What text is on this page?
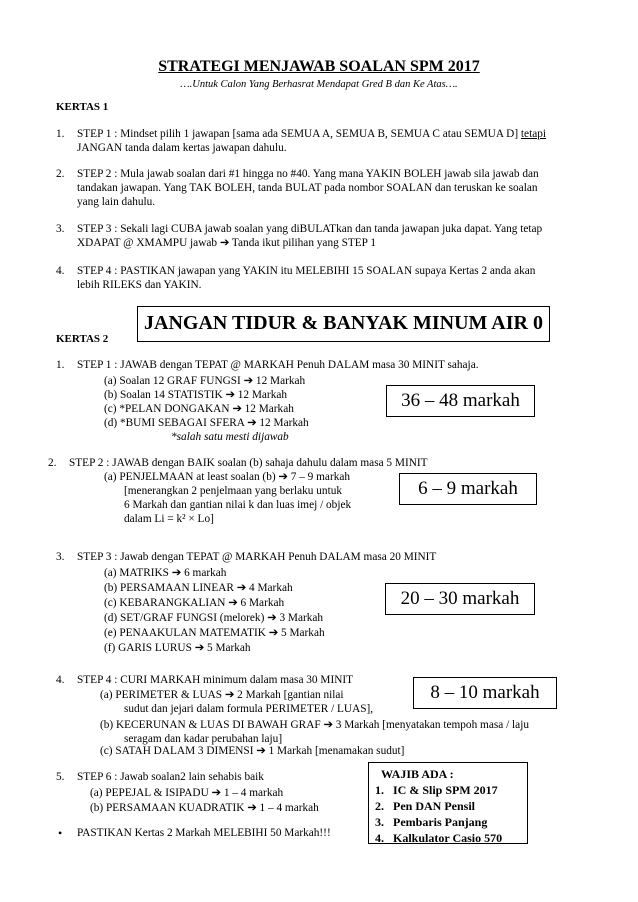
STRATEGI MENJAWAB SOALAN SPM 2017
….Untuk Calon Yang Berhasrat Mendapat Gred B dan Ke Atas….
KERTAS 1
1. STEP 1 : Mindset pilih 1 jawapan [sama ada SEMUA A, SEMUA B, SEMUA C atau SEMUA D] tetapi
JANGAN tanda dalam kertas jawapan dahulu.
2. STEP 2 : Mula jawab soalan dari #1 hingga no #40. Yang mana YAKIN BOLEH jawab sila jawab dan
tandakan jawapan. Yang TAK BOLEH, tanda BULAT pada nombor SOALAN dan teruskan ke soalan
yang lain dahulu.
3. STEP 3 : Sekali lagi CUBA jawab soalan yang diBULATkan dan tanda jawapan juka dapat. Yang tetap
XDAPAT @ XMAMPU jawab ➔ Tanda ikut pilihan yang STEP 1
4. STEP 4 : PASTIKAN jawapan yang YAKIN itu MELEBIHI 15 SOALAN supaya Kertas 2 anda akan
lebih RILEKS dan YAKIN.
JANGAN TIDUR & BANYAK MINUM AIR 0
KERTAS 2
1. STEP 1 : JAWAB dengan TEPAT @ MARKAH Penuh DALAM masa 30 MINIT sahaja.
(a) Soalan 12 GRAF FUNGSI ➔ 12 Markah
(b) Soalan 14 STATISTIK ➔ 12 Markah
(c) *PELAN DONGAKAN ➔ 12 Markah
(d) *BUMI SEBAGAI SFERA ➔ 12 Markah
*salah satu mesti dijawab
36 – 48 markah
2. STEP 2 : JAWAB dengan BAIK soalan (b) sahaja dahulu dalam masa 5 MINIT
(a) PENJELMAAN at least soalan (b) ➔ 7 – 9 markah
[menerangkan 2 penjelmaan yang berlaku untuk
6 Markah dan gantian nilai k dan luas imej / objek
dalam Li = k² × Lo]
6 – 9 markah
3. STEP 3 : Jawab dengan TEPAT @ MARKAH Penuh DALAM masa 20 MINIT
(a) MATRIKS ➔ 6 markah
(b) PERSAMAAN LINEAR ➔ 4 Markah
(c) KEBARANGKALIAN ➔ 6 Markah
(d) SET/GRAF FUNGSI (melorek) ➔ 3 Markah
(e) PENAAKULAN MATEMATIK ➔ 5 Markah
(f) GARIS LURUS ➔ 5 Markah
20 – 30 markah
4. STEP 4 : CURI MARKAH minimum dalam masa 30 MINIT
(a) PERIMETER & LUAS ➔ 2 Markah [gantian nilai
sudut dan jejari dalam formula PERIMETER / LUAS],
(b) KECERUNAN & LUAS DI BAWAH GRAF ➔ 3 Markah [menyatakan tempoh masa / laju
seragam dan kadar perubahan laju]
(c) SATAH DALAM 3 DIMENSI ➔ 1 Markah [menamakan sudut]
8 – 10 markah
5. STEP 6 : Jawab soalan2 lain sehabis baik
(a) PEPEJAL & ISIPADU ➔ 1 – 4 markah
(b) PERSAMAAN KUADRATIK ➔ 1 – 4 markah
• PASTIKAN Kertas 2 Markah MELEBIHI 50 Markah!!!
WAJIB ADA :
1. IC & Slip SPM 2017
2. Pen DAN Pensil
3. Pembaris Panjang
4. Kalkulator Casio 570
